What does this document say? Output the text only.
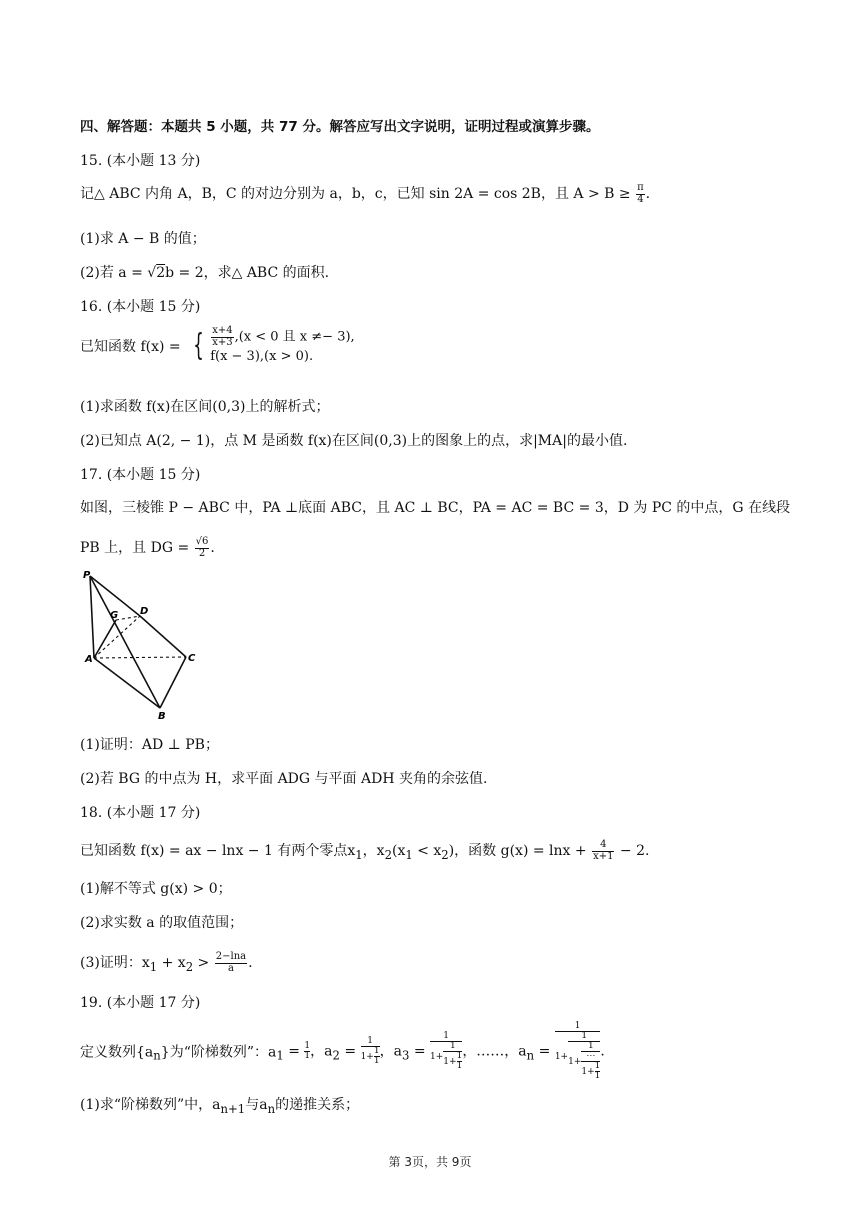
四、解答题：本题共 5 小题，共 77 分。解答应写出文字说明，证明过程或演算步骤。
15. (本小题 13 分)
记△ ABC 内角 A，B，C 的对边分别为 a，b，c，已知 sin 2A = cos 2B，且 $A > B \ge \frac{\pi}{4}$ .
(1)求 A − B 的值；
(2)若 a = √2b = 2，求△ ABC 的面积.
16. (本小题 15 分)
已知函数 f(x) = { $\frac{x+4}{x+3} ,(x < 0$ 且 x ≠− 3),
f(x − 3),(x > 0).
(1)求函数 f(x)在区间(0,3)上的解析式；
(2)已知点 A(2, − 1)，点 M 是函数 f(x)在区间(0,3)上的图象上的点，求|MA|的最小值.
17. (本小题 15 分)
如图，三棱锥 P − ABC 中，PA ⊥底面 ABC，且 AC ⊥ BC，PA = AC = BC = 3，D 为 PC 的中点，G 在线段
PB 上，且 DG = $\frac{√6}{2}$ .
P
G D
A	C
B
(1)证明：AD ⊥ PB；
(2)若 BG 的中点为 H，求平面 ADG 与平面 ADH 夹角的余弦值.
18. (本小题 17 分)
已知函数 f(x) = ax − lnx − 1 有两个零点$x_1$，$x_2(x_1 < x_2)$，函数 $g(x) = \ln x + \frac{4}{x+1} - 2$.
(1)解不等式 g(x) > 0；
(2)求实数 a 的取值范围；
(3)证明：$x_1 + x_2 > \frac{2-\ln a}{a}$ .
19. (本小题 17 分)
定义数列$\{a_n\}$为“阶梯数列”：$a_1 = \frac{1}{1}$ ，$a_2 = \frac{1}{1+ \frac{1}{1}}$ ，$a_3 = \frac{1}{1+ \frac{1}{1+ \frac{1}{1}}}$ ，……，$a_n = \frac{1}{1+ \frac{1}{1+ \frac{1}{\frac{\cdots}{1+ \frac{1}{1}}}}}$ .
(1)求“阶梯数列”中，$a_{n+1}$与$a_n$的递推关系；
第 3页，共 9页
